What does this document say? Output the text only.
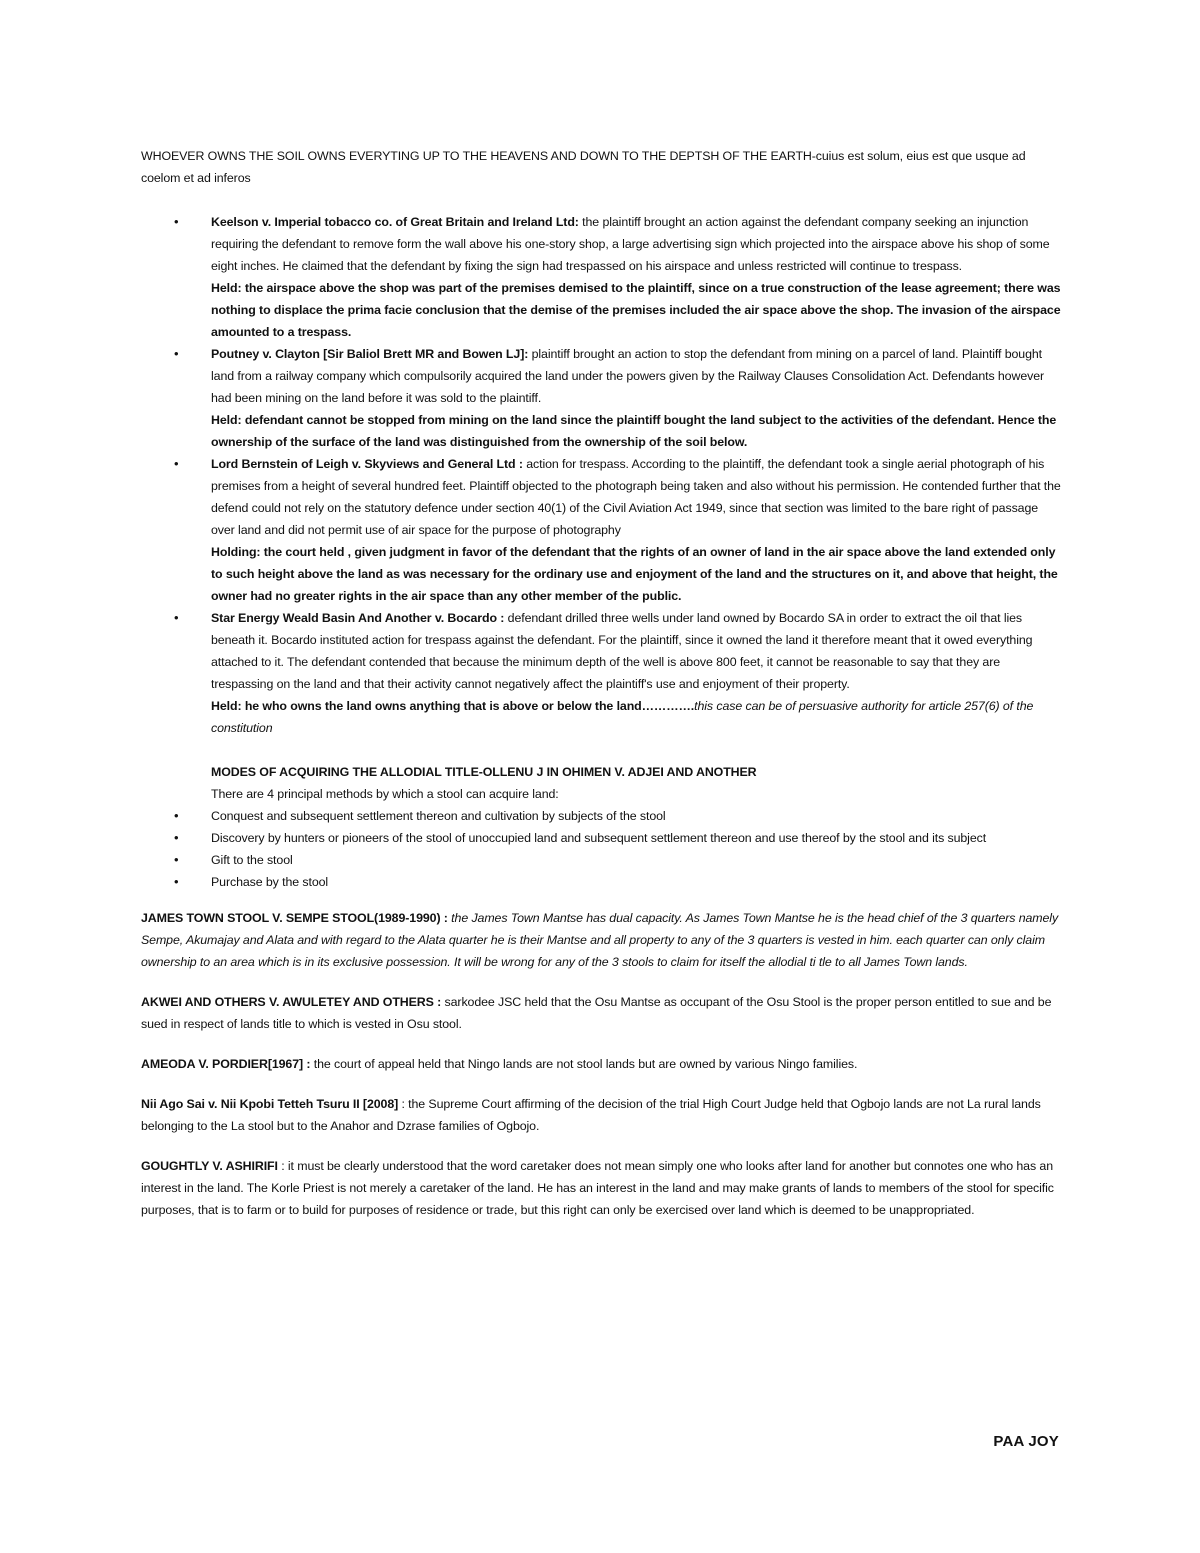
WHOEVER OWNS THE SOIL OWNS EVERYTING UP TO THE HEAVENS AND DOWN TO THE DEPTSH OF THE EARTH-cuius est solum, eius est que usque ad coelom et ad inferos

• Keelson v. Imperial tobacco co. of Great Britain and Ireland Ltd: the plaintiff brought an action against the defendant company seeking an injunction requiring the defendant to remove form the wall above his one-story shop, a large advertising sign which projected into the airspace above his shop of some eight inches. He claimed that the defendant by fixing the sign had trespassed on his airspace and unless restricted will continue to trespass.
Held: the airspace above the shop was part of the premises demised to the plaintiff, since on a true construction of the lease agreement; there was nothing to displace the prima facie conclusion that the demise of the premises included the air space above the shop. The invasion of the airspace amounted to a trespass.
• Poutney v. Clayton [Sir Baliol Brett MR and Bowen LJ]: plaintiff brought an action to stop the defendant from mining on a parcel of land. Plaintiff bought land from a railway company which compulsorily acquired the land under the powers given by the Railway Clauses Consolidation Act. Defendants however had been mining on the land before it was sold to the plaintiff.
Held: defendant cannot be stopped from mining on the land since the plaintiff bought the land subject to the activities of the defendant. Hence the ownership of the surface of the land was distinguished from the ownership of the soil below.
• Lord Bernstein of Leigh v. Skyviews and General Ltd : action for trespass. According to the plaintiff, the defendant took a single aerial photograph of his premises from a height of several hundred feet. Plaintiff objected to the photograph being taken and also without his permission. He contended further that the defend could not rely on the statutory defence under section 40(1) of the Civil Aviation Act 1949, since that section was limited to the bare right of passage over land and did not permit use of air space for the purpose of photography
Holding: the court held , given judgment in favor of the defendant that the rights of an owner of land in the air space above the land extended only to such height above the land as was necessary for the ordinary use and enjoyment of the land and the structures on it, and above that height, the owner had no greater rights in the air space than any other member of the public.
• Star Energy Weald Basin And Another v. Bocardo : defendant drilled three wells under land owned by Bocardo SA in order to extract the oil that lies beneath it. Bocardo instituted action for trespass against the defendant. For the plaintiff, since it owned the land it therefore meant that it owed everything attached to it. The defendant contended that because the minimum depth of the well is above 800 feet, it cannot be reasonable to say that they are trespassing on the land and that their activity cannot negatively affect the plaintiff's use and enjoyment of their property.
Held: he who owns the land owns anything that is above or below the land………….this case can be of persuasive authority for article 257(6) of the constitution

MODES OF ACQUIRING THE ALLODIAL TITLE-OLLENU J IN OHIMEN V. ADJEI AND ANOTHER

There are 4 principal methods by which a stool can acquire land:

• Conquest and subsequent settlement thereon and cultivation by subjects of the stool
• Discovery by hunters or pioneers of the stool of unoccupied land and subsequent settlement thereon and use thereof by the stool and its subject
• Gift to the stool
• Purchase by the stool

JAMES TOWN STOOL V. SEMPE STOOL(1989-1990) : the James Town Mantse has dual capacity. As James Town Mantse he is the head chief of the 3 quarters namely Sempe, Akumajay and Alata and with regard to the Alata quarter he is their Mantse and all property to any of the 3 quarters is vested in him. each quarter can only claim ownership to an area which is in its exclusive possession. It will be wrong for any of the 3 stools to claim for itself the allodial ti tle to all James Town lands.

AKWEI AND OTHERS V. AWULETEY AND OTHERS : sarkodee JSC held that the Osu Mantse as occupant of the Osu Stool is the proper person entitled to sue and be sued in respect of lands title to which is vested in Osu stool.

AMEODA V. PORDIER[1967] : the court of appeal held that Ningo lands are not stool lands but are owned by various Ningo families.

Nii Ago Sai v. Nii Kpobi Tetteh Tsuru II [2008] : the Supreme Court affirming of the decision of the trial High Court Judge held that Ogbojo lands are not La rural lands belonging to the La stool but to the Anahor and Dzrase families of Ogbojo.

GOUGHTLY V. ASHIRIFI : it must be clearly understood that the word caretaker does not mean simply one who looks after land for another but connotes one who has an interest in the land. The Korle Priest is not merely a caretaker of the land. He has an interest in the land and may make grants of lands to members of the stool for specific purposes, that is to farm or to build for purposes of residence or trade, but this right can only be exercised over land which is deemed to be unappropriated.

PAA JOY
